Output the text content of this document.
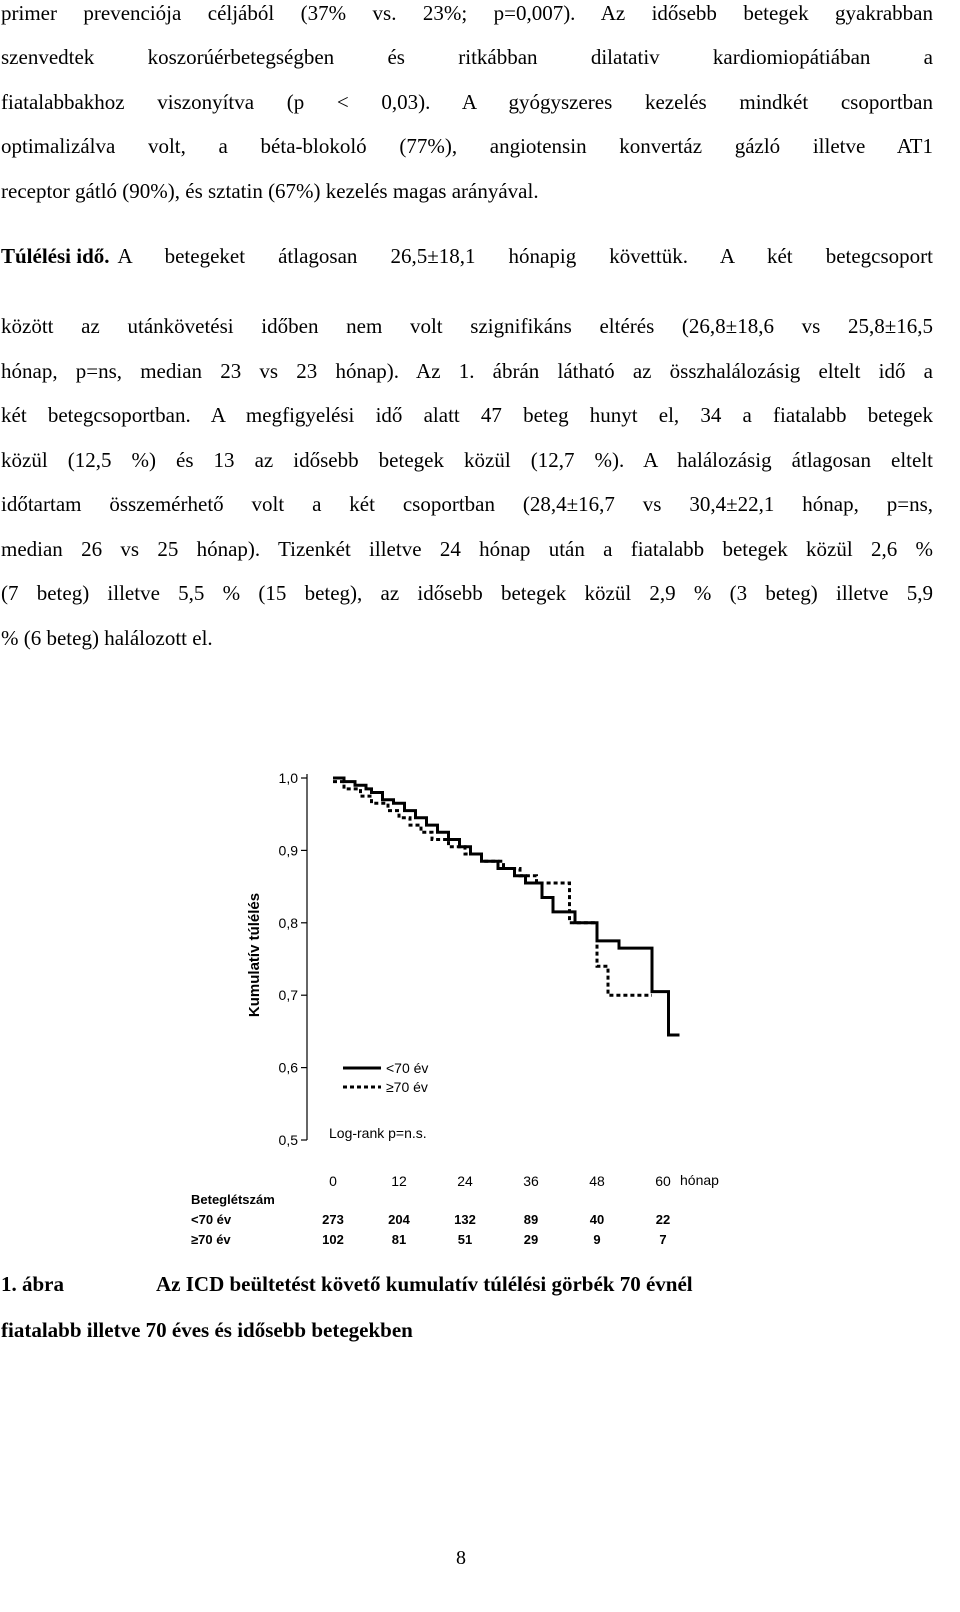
primer prevenciója céljából (37% vs. 23%; p=0,007). Az idősebb betegek gyakrabban
szenvedtek koszorúérbetegségben és ritkábban dilatativ kardiomiopátiában a
fiatalabbakhoz viszonyítva (p < 0,03). A gyógyszeres kezelés mindkét csoportban
optimalizálva volt, a béta-blokoló (77%), angiotensin konvertáz gázló illetve AT1
receptor gátló (90%), és sztatin (67%) kezelés magas arányával.
Túlélési idő. A betegeket átlagosan 26,5±18,1 hónapig követtük. A két betegcsoport
között az utánkövetési időben nem volt szignifikáns eltérés (26,8±18,6 vs 25,8±16,5
hónap, p=ns, median 23 vs 23 hónap). Az 1. ábrán látható az összhalálozásig eltelt idő a
két betegcsoportban. A megfigyelési idő alatt 47 beteg hunyt el, 34 a fiatalabb betegek
közül (12,5 %) és 13 az idősebb betegek közül (12,7 %). A halálozásig átlagosan eltelt
időtartam összemérhető volt a két csoportban (28,4±16,7 vs 30,4±22,1 hónap, p=ns,
median 26 vs 25 hónap). Tizenkét illetve 24 hónap után a fiatalabb betegek közül 2,6 %
(7 beteg) illetve 5,5 % (15 beteg), az idősebb betegek közül 2,9 % (3 beteg) illetve 5,9
% (6 beteg) halálozott el.
0,5
0,6
0,7
0,8
0,9
1,0
Kumulatív túlélés
0	12	24	36	48	60 hónap
<70 év
≥70 év
Log-rank p=n.s.
Beteglétszám
<70 év	273	204	132	89	40	22
≥70 év	102	81	51	29	9	7
1. ábra	Az ICD beültetést követő kumulatív túlélési görbék 70 évnél
fiatalabb illetve 70 éves és idősebb betegekben
8
